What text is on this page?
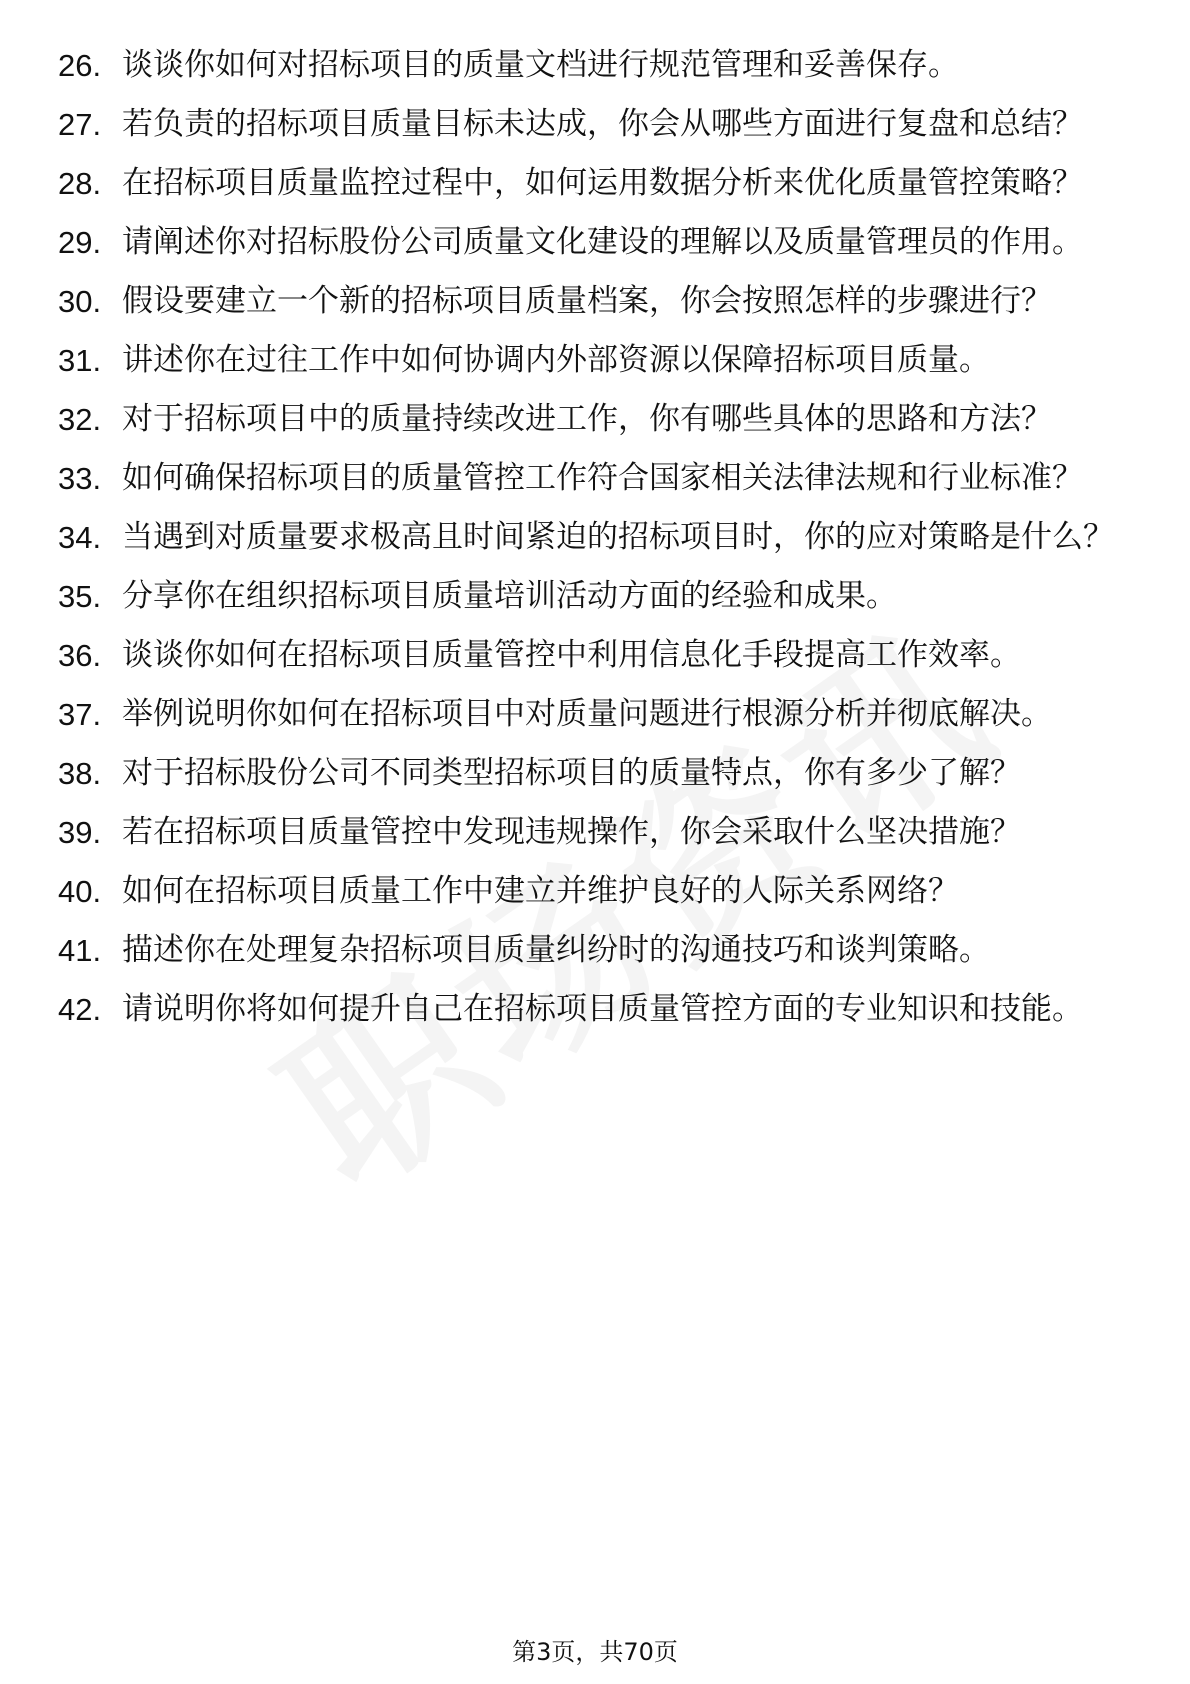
26. 谈谈你如何对招标项目的质量文档进行规范管理和妥善保存。
27. 若负责的招标项目质量目标未达成，你会从哪些方面进行复盘和总结？
28. 在招标项目质量监控过程中，如何运用数据分析来优化质量管控策略？
29. 请阐述你对招标股份公司质量文化建设的理解以及质量管理员的作用。
30. 假设要建立一个新的招标项目质量档案，你会按照怎样的步骤进行？
31. 讲述你在过往工作中如何协调内外部资源以保障招标项目质量。
32. 对于招标项目中的质量持续改进工作，你有哪些具体的思路和方法？
33. 如何确保招标项目的质量管控工作符合国家相关法律法规和行业标准？
34. 当遇到对质量要求极高且时间紧迫的招标项目时，你的应对策略是什么？
35. 分享你在组织招标项目质量培训活动方面的经验和成果。
36. 谈谈你如何在招标项目质量管控中利用信息化手段提高工作效率。
37. 举例说明你如何在招标项目中对质量问题进行根源分析并彻底解决。
38. 对于招标股份公司不同类型招标项目的质量特点，你有多少了解？
39. 若在招标项目质量管控中发现违规操作，你会采取什么坚决措施？
40. 如何在招标项目质量工作中建立并维护良好的人际关系网络？
41. 描述你在处理复杂招标项目质量纠纷时的沟通技巧和谈判策略。
42. 请说明你将如何提升自己在招标项目质量管控方面的专业知识和技能。
第3页，共70页
